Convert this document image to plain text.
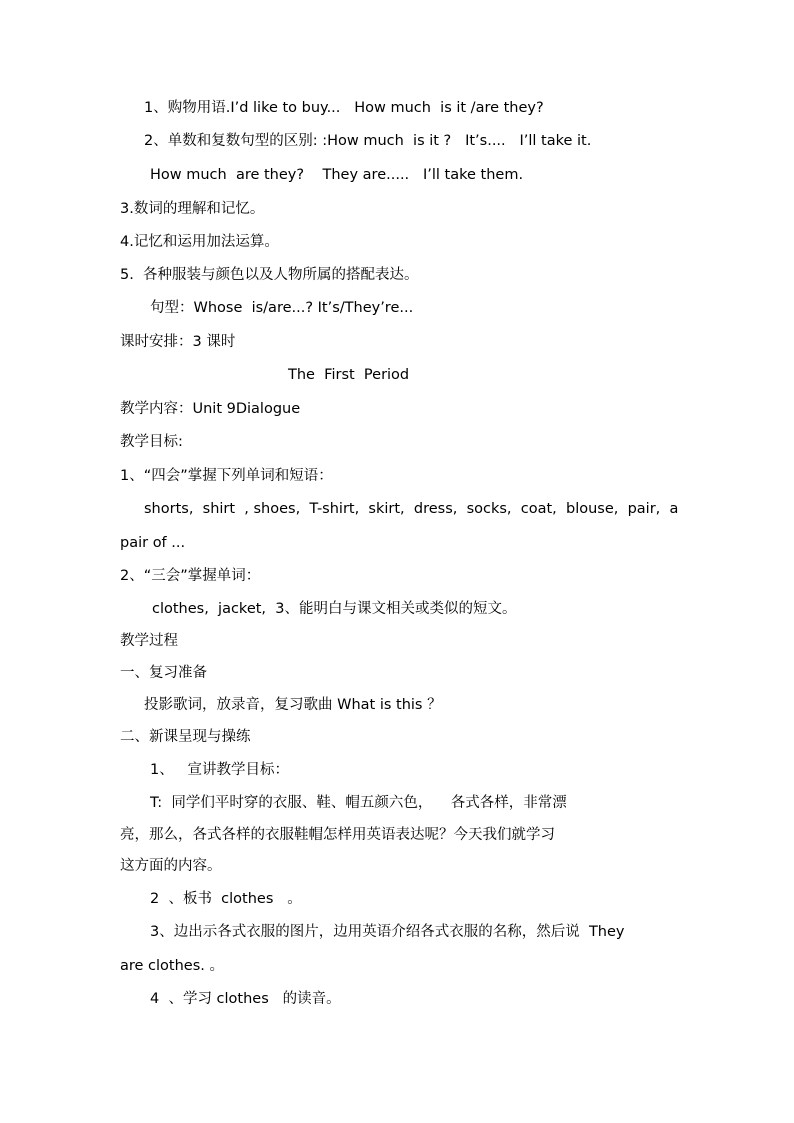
1、购物用语.I’d like to buy...   How much  is it /are they?
2、单数和复数句型的区别: :How much  is it ?   It’s....   I’ll take it.
How much  are they?    They are.....   I’ll take them.
3.数词的理解和记忆。
4.记忆和运用加法运算。
5.  各种服装与颜色以及人物所属的搭配表达。
句型：Whose  is/are...? It’s/They’re...
课时安排：3 课时
The  First  Period
教学内容：Unit 9Dialogue
教学目标:
1、“四会”掌握下列单词和短语：
shorts,  shirt  , shoes,  T-shirt,  skirt,  dress,  socks,  coat,  blouse,  pair,  a
pair of ...
2、“三会”掌握单词：
clothes,  jacket,  3、能明白与课文相关或类似的短文。
教学过程
一、复习准备
投影歌词，放录音，复习歌曲 What is this ？
二、新课呈现与操练
1、   宣讲教学目标：
T:  同学们平时穿的衣服、鞋、帽五颜六色，    各式各样，非常漂
亮，那么，各式各样的衣服鞋帽怎样用英语表达呢？今天我们就学习
这方面的内容。
2  、板书  clothes   。
3、边出示各式衣服的图片，边用英语介绍各式衣服的名称，然后说  They
are clothes. 。
4  、学习 clothes   的读音。
